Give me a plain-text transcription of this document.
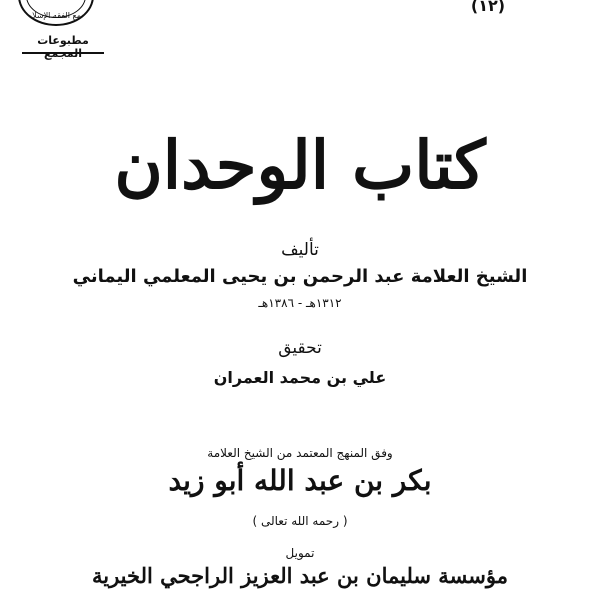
مجمع الفقه الإسلامي
مطبوعات
(١٢)
كتاب الوحدان
تأليف
الشيخ العلامة عبد الرحمن بن يحيى المعلمي اليماني
١٣١٢هـ - ١٣٨٦هـ
تحقيق
علي بن محمد العمران
وفق المنهج المعتمد من الشيخ العلامة
بكر بن عبد الله أبو زيد
( رحمه الله تعالى )
تمويل
مؤسسة سليمان بن عبد العزيز الراجحي الخيرية
